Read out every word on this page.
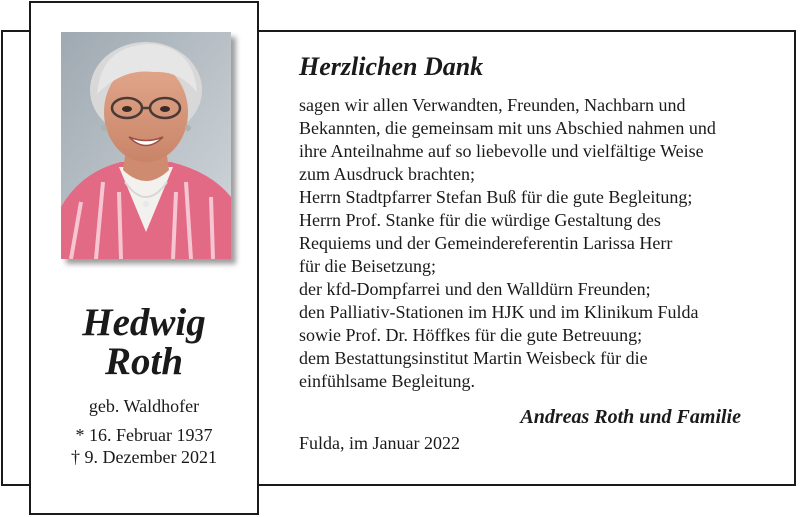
Hedwig
Roth
geb. Waldhofer
* 16. Februar 1937
† 9. Dezember 2021
Herzlichen Dank
sagen wir allen Verwandten, Freunden, Nachbarn und
Bekannten, die gemeinsam mit uns Abschied nahmen und
ihre Anteilnahme auf so liebevolle und vielfältige Weise
zum Ausdruck brachten;
Herrn Stadtpfarrer Stefan Buß für die gute Begleitung;
Herrn Prof. Stanke für die würdige Gestaltung des
Requiems und der Gemeindereferentin Larissa Herr
für die Beisetzung;
der kfd-Dompfarrei und den Walldürn Freunden;
den Palliativ-Stationen im HJK und im Klinikum Fulda
sowie Prof. Dr. Höffkes für die gute Betreuung;
dem Bestattungsinstitut Martin Weisbeck für die
einfühlsame Begleitung.
Andreas Roth und Familie
Fulda, im Januar 2022
